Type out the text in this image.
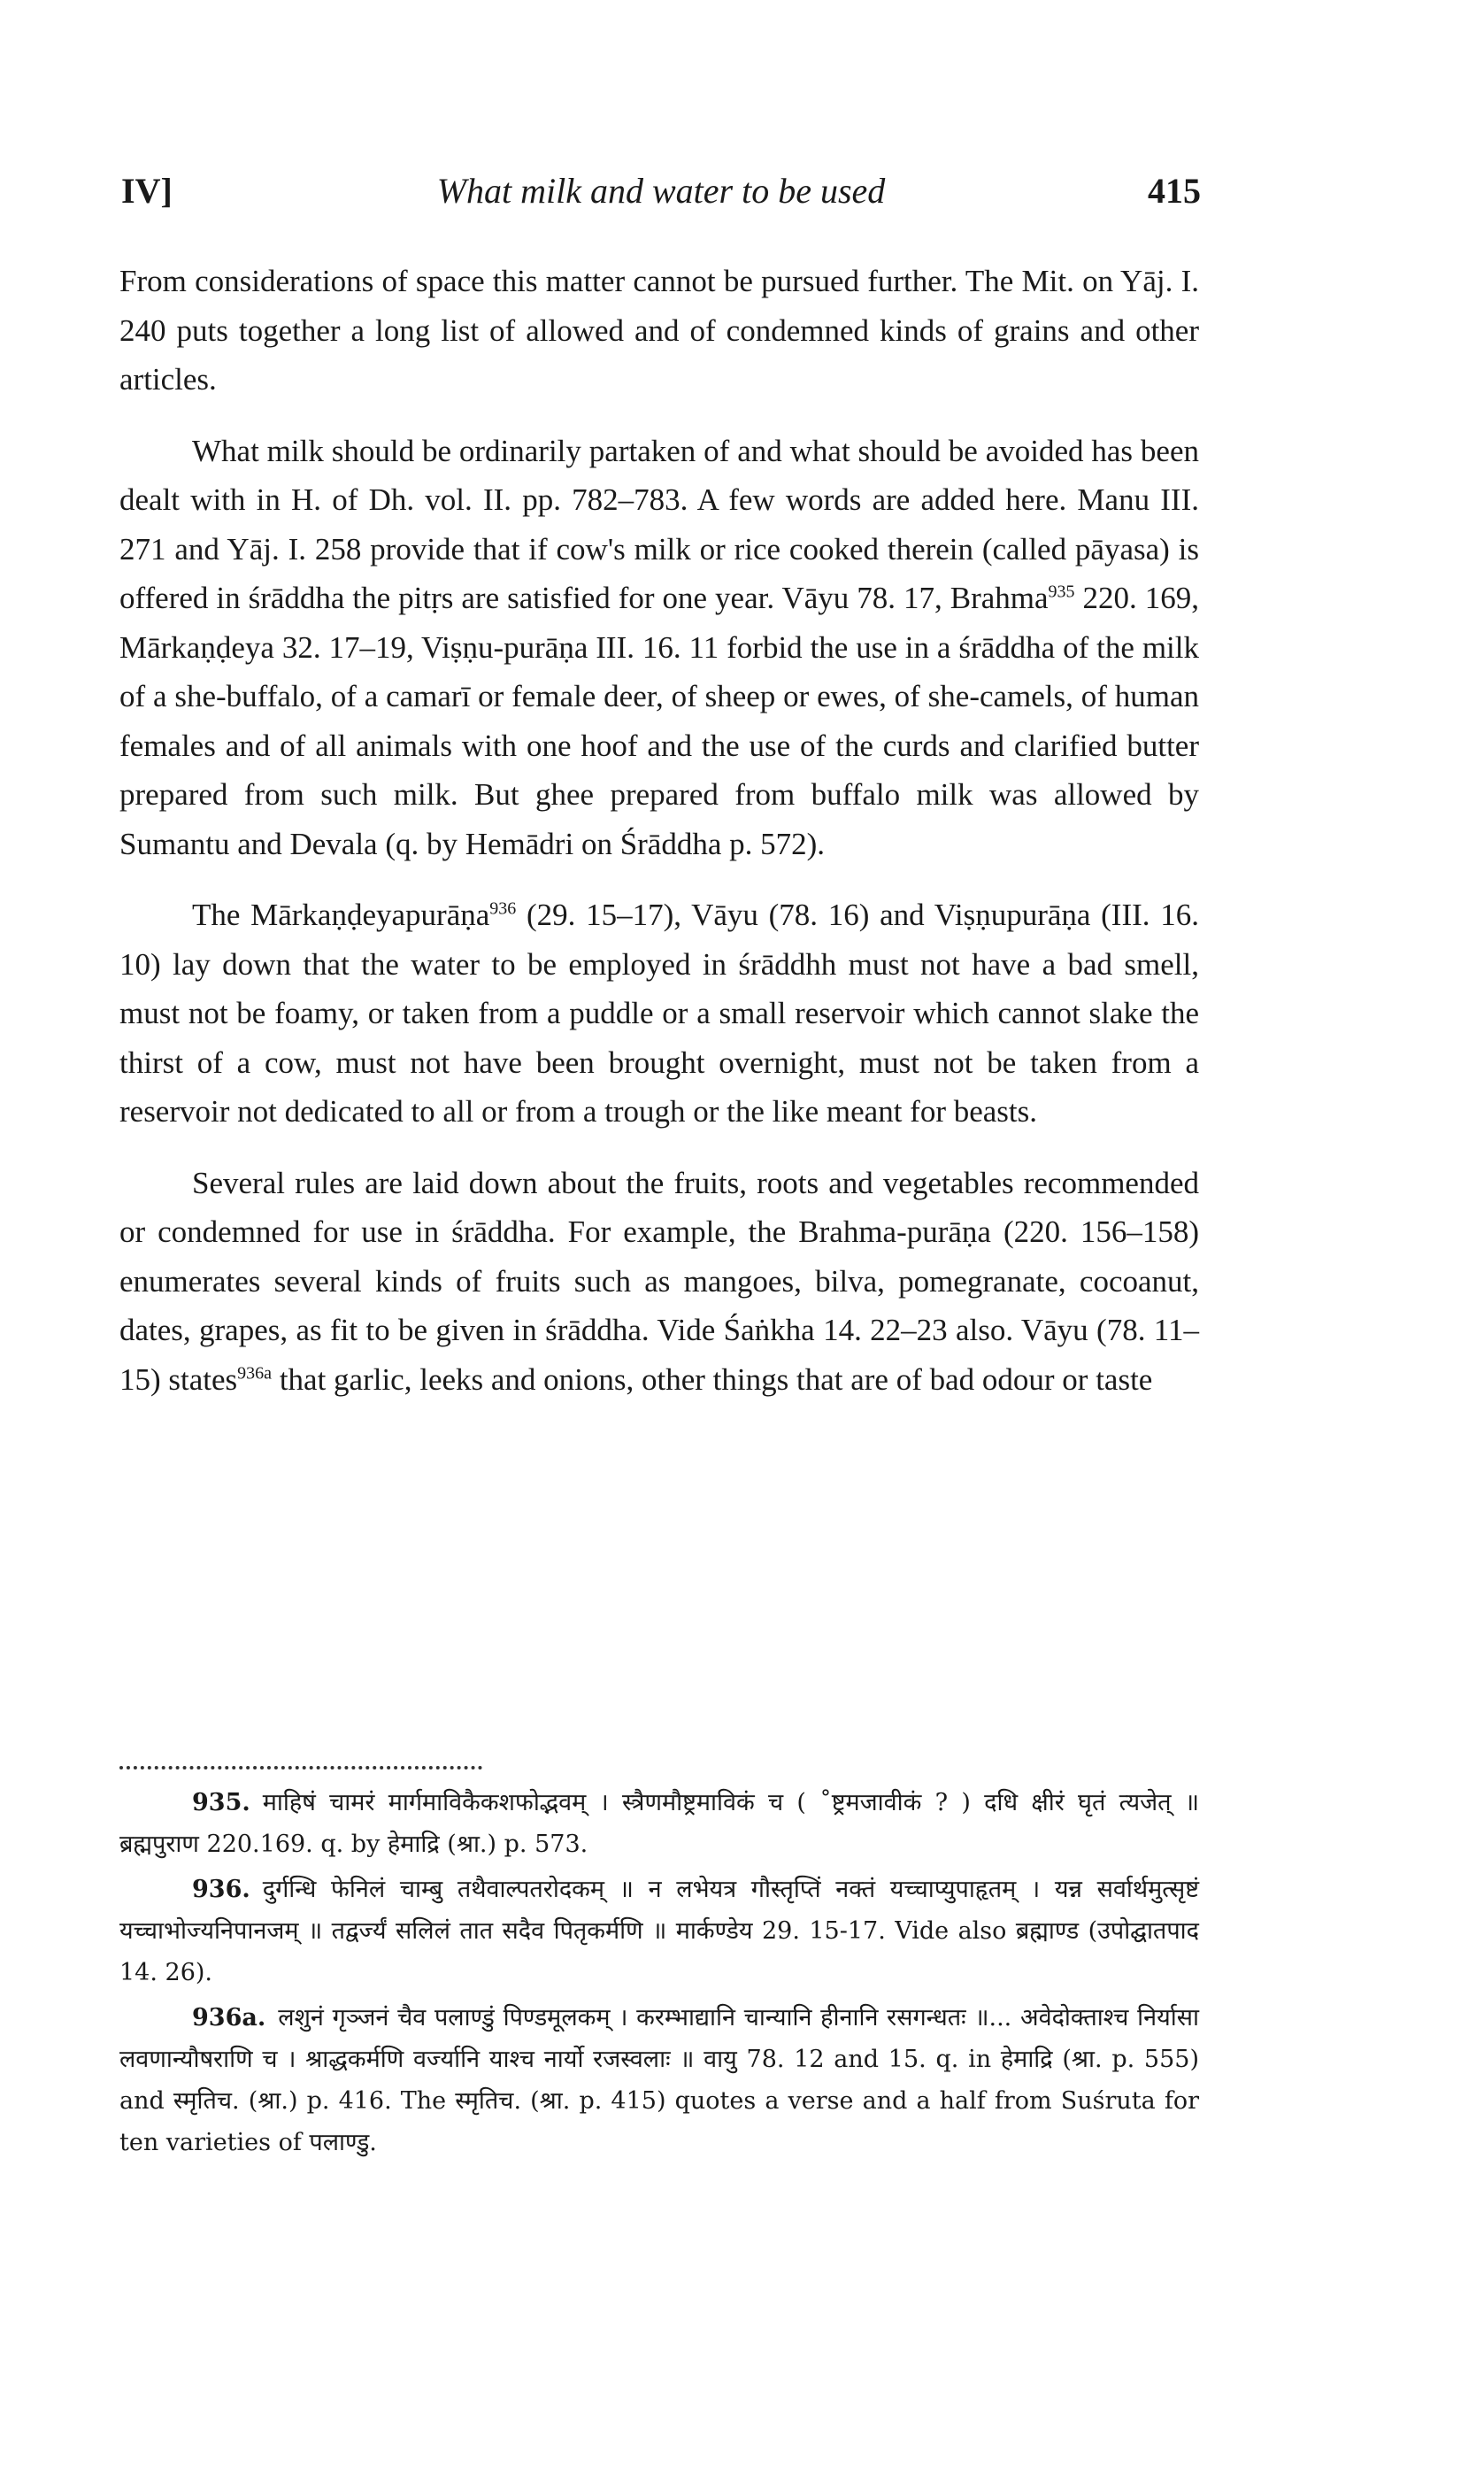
IV]	What milk and water to be used	415

From considerations of space this matter cannot be pursued further. The Mit. on Yāj. I. 240 puts together a long list of allowed and of condemned kinds of grains and other articles.

What milk should be ordinarily partaken of and what should be avoided has been dealt with in H. of Dh. vol. II. pp. 782–783. A few words are added here. Manu III. 271 and Yāj. I. 258 provide that if cow's milk or rice cooked therein (called pāyasa) is offered in śrāddha the pitṛs are satisfied for one year. Vāyu 78. 17, Brahma$^{935}$ 220. 169, Mārkaṇḍeya 32. 17–19, Viṣṇu-purāṇa III. 16. 11 forbid the use in a śrāddha of the milk of a she-buffalo, of a camarī or female deer, of sheep or ewes, of she-camels, of human females and of all animals with one hoof and the use of the curds and clarified butter prepared from such milk. But ghee prepared from buffalo milk was allowed by Sumantu and Devala (q. by Hemādri on Śrāddha p. 572).

The Mārkaṇḍeyapurāṇa$^{936}$ (29. 15–17), Vāyu (78. 16) and Viṣṇupurāṇa (III. 16. 10) lay down that the water to be employed in śrāddhh must not have a bad smell, must not be foamy, or taken from a puddle or a small reservoir which cannot slake the thirst of a cow, must not have been brought overnight, must not be taken from a reservoir not dedicated to all or from a trough or the like meant for beasts.

Several rules are laid down about the fruits, roots and vegetables recommended or condemned for use in śrāddha. For example, the Brahma-purāṇa (220. 156–158) enumerates several kinds of fruits such as mangoes, bilva, pomegranate, cocoanut, dates, grapes, as fit to be given in śrāddha. Vide Śaṅkha 14. 22–23 also. Vāyu (78. 11–15) states$^{936a}$ that garlic, leeks and onions, other things that are of bad odour or taste

935. माहिषं चामरं मार्गमाविकैकशफोद्भवम् । स्त्रैणमौष्ट्रमाविकं च ( ˚ष्ट्रमजावीकं ? ) दधि क्षीरं घृतं त्यजेत् ॥ ब्रह्मपुराण 220.169. q. by हेमाद्रि (श्रा.) p. 573.

936. दुर्गन्धि फेनिलं चाम्बु तथैवाल्पतरोदकम् ॥ न लभेयत्र गौस्तृप्तिं नक्तं यच्चाप्युपाहृतम् । यन्न सर्वार्थमुत्सृष्टं यच्चाभोज्यनिपानजम् ॥ तद्वर्ज्यं सलिलं तात सदैव पितृकर्मणि ॥ मार्कण्डेय 29. 15-17. Vide also ब्रह्माण्ड (उपोद्घातपाद 14. 26).

936a. लशुनं गृञ्जनं चैव पलाण्डुं पिण्डमूलकम् । करम्भाद्यानि चान्यानि हीनानि रसगन्धतः ॥... अवेदोक्ताश्च निर्यासा लवणान्यौषराणि च । श्राद्धकर्मणि वर्ज्यानि याश्च नार्यो रजस्वलाः ॥ वायु 78. 12 and 15. q. in हेमाद्रि (श्रा. p. 555) and स्मृतिच. (श्रा.) p. 416. The स्मृतिच. (श्रा. p. 415) quotes a verse and a half from Suśruta for ten varieties of पलाण्डु.
